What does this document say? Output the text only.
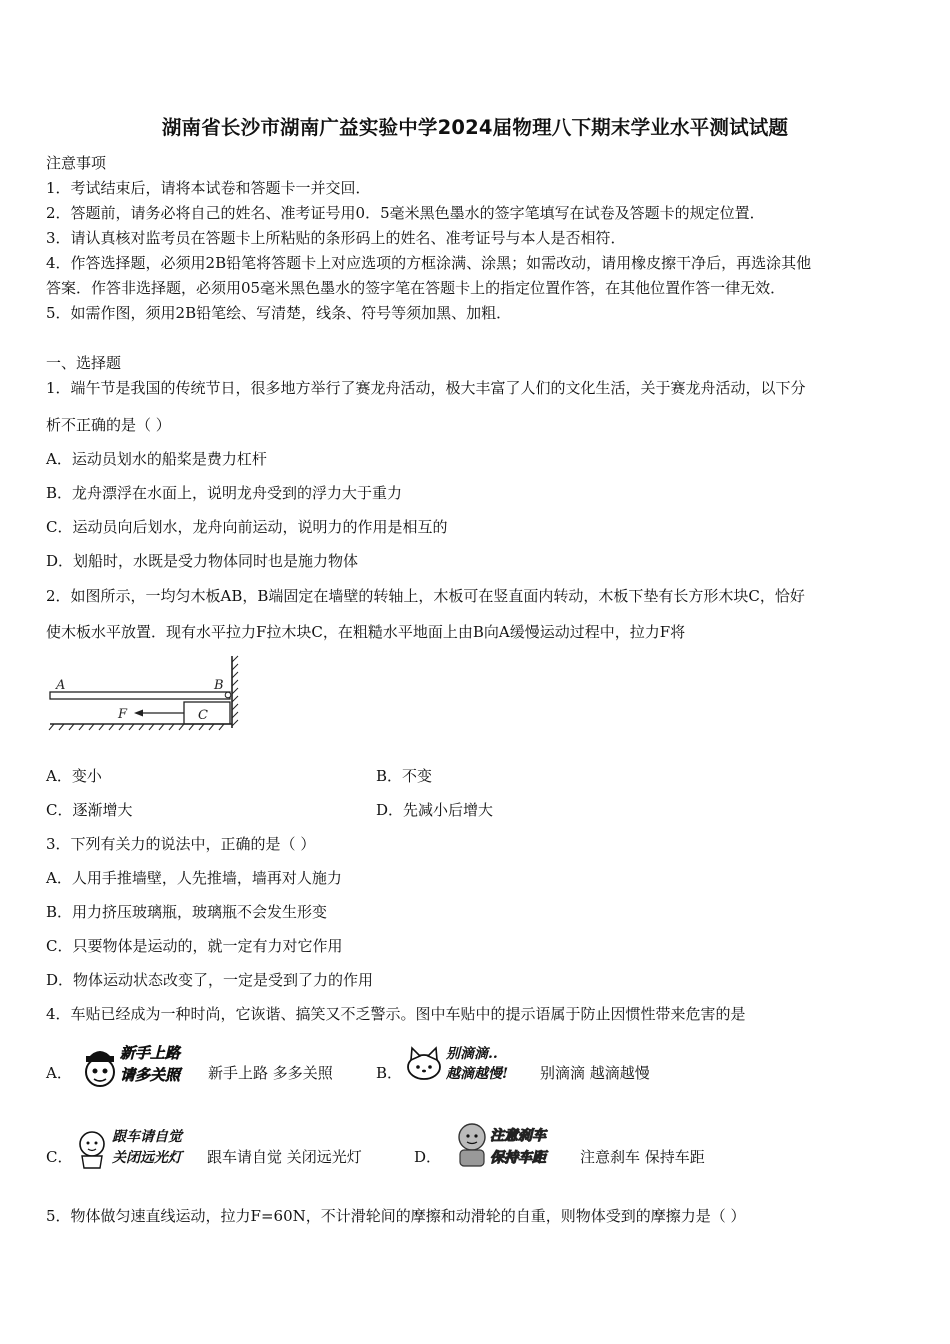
湖南省长沙市湖南广益实验中学2024届物理八下期末学业水平测试试题
注意事项
1．考试结束后，请将本试卷和答题卡一并交回．
2．答题前，请务必将自己的姓名、准考证号用0．5毫米黑色墨水的签字笔填写在试卷及答题卡的规定位置．
3．请认真核对监考员在答题卡上所粘贴的条形码上的姓名、准考证号与本人是否相符．
4．作答选择题，必须用2B铅笔将答题卡上对应选项的方框涂满、涂黑；如需改动，请用橡皮擦干净后，再选涂其他
答案．作答非选择题，必须用05毫米黑色墨水的签字笔在答题卡上的指定位置作答，在其他位置作答一律无效．
5．如需作图，须用2B铅笔绘、写清楚，线条、符号等须加黑、加粗．
一、选择题
1．端午节是我国的传统节日，很多地方举行了赛龙舟活动，极大丰富了人们的文化生活，关于赛龙舟活动，以下分
析不正确的是（ ）
A．运动员划水的船桨是费力杠杆
B．龙舟漂浮在水面上，说明龙舟受到的浮力大于重力
C．运动员向后划水，龙舟向前运动，说明力的作用是相互的
D．划船时，水既是受力物体同时也是施力物体
2．如图所示，一均匀木板AB，B端固定在墙壁的转轴上，木板可在竖直面内转动，木板下垫有长方形木块C，恰好
使木板水平放置．现有水平拉力F拉木块C，在粗糙水平地面上由B向A缓慢运动过程中，拉力F将
A	B
F	C
A．变小	B．不变
C．逐渐增大	D．先减小后增大
3．下列有关力的说法中，正确的是（ ）
A．人用手推墙壁，人先推墙，墙再对人施力
B．用力挤压玻璃瓶，玻璃瓶不会发生形变
C．只要物体是运动的，就一定有力对它作用
D．物体运动状态改变了，一定是受到了力的作用
4．车贴已经成为一种时尚，它诙谐、搞笑又不乏警示。图中车贴中的提示语属于防止因惯性带来危害的是
A．
新手上路
请多关照 新手上路 多多关照	B．
别滴滴..
越滴越慢! 别滴滴 越滴越慢
C．
跟车请自觉
关闭远光灯 跟车请自觉 关闭远光灯	D．
注意刹车
保持车距 注意刹车 保持车距
5．物体做匀速直线运动，拉力F=60N，不计滑轮间的摩擦和动滑轮的自重，则物体受到的摩擦力是（ ）
